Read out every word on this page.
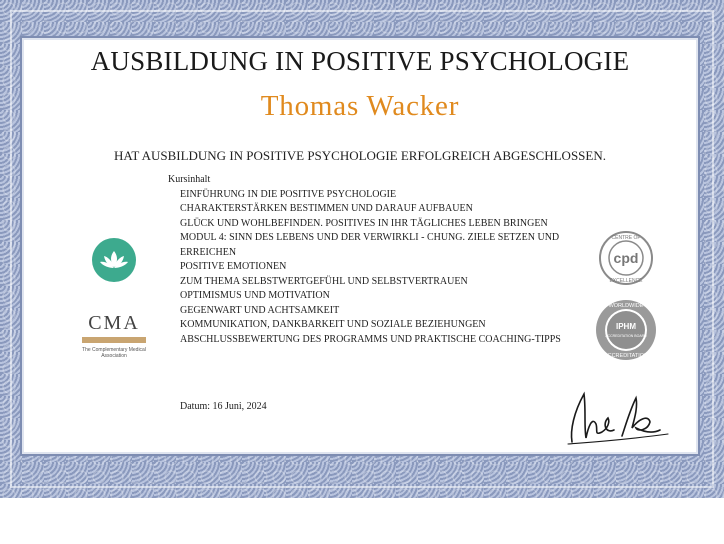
AUSBILDUNG IN POSITIVE PSYCHOLOGIE
Thomas Wacker
HAT AUSBILDUNG IN POSITIVE PSYCHOLOGIE ERFOLGREICH ABGESCHLOSSEN.
Kursinhalt
EINFÜHRUNG IN DIE POSITIVE PSYCHOLOGIE
CHARAKTERSTÄRKEN BESTIMMEN UND DARAUF AUFBAUEN
GLÜCK UND WOHLBEFINDEN. POSITIVES IN IHR TÄGLICHES LEBEN BRINGEN
MODUL 4: SINN DES LEBENS UND DER VERWIRKLI - CHUNG. ZIELE SETZEN UND ERREICHEN
POSITIVE EMOTIONEN
ZUM THEMA SELBSTWERTGEFÜHL UND SELBSTVERTRAUEN
OPTIMISMUS UND MOTIVATION
GEGENWART UND ACHTSAMKEIT
KOMMUNIKATION, DANKBARKEIT UND SOZIALE BEZIEHUNGEN
ABSCHLUSSBEWERTUNG DES PROGRAMMS UND PRAKTISCHE COACHING-TIPPS
Datum: 16 Juni, 2024
CMA
The Complementary Medical Association
CENTRE OF
cpd
EXCELLENCE
WORLDWIDE
IPHM
ACCREDITATION BOARD
ACCREDITATION
